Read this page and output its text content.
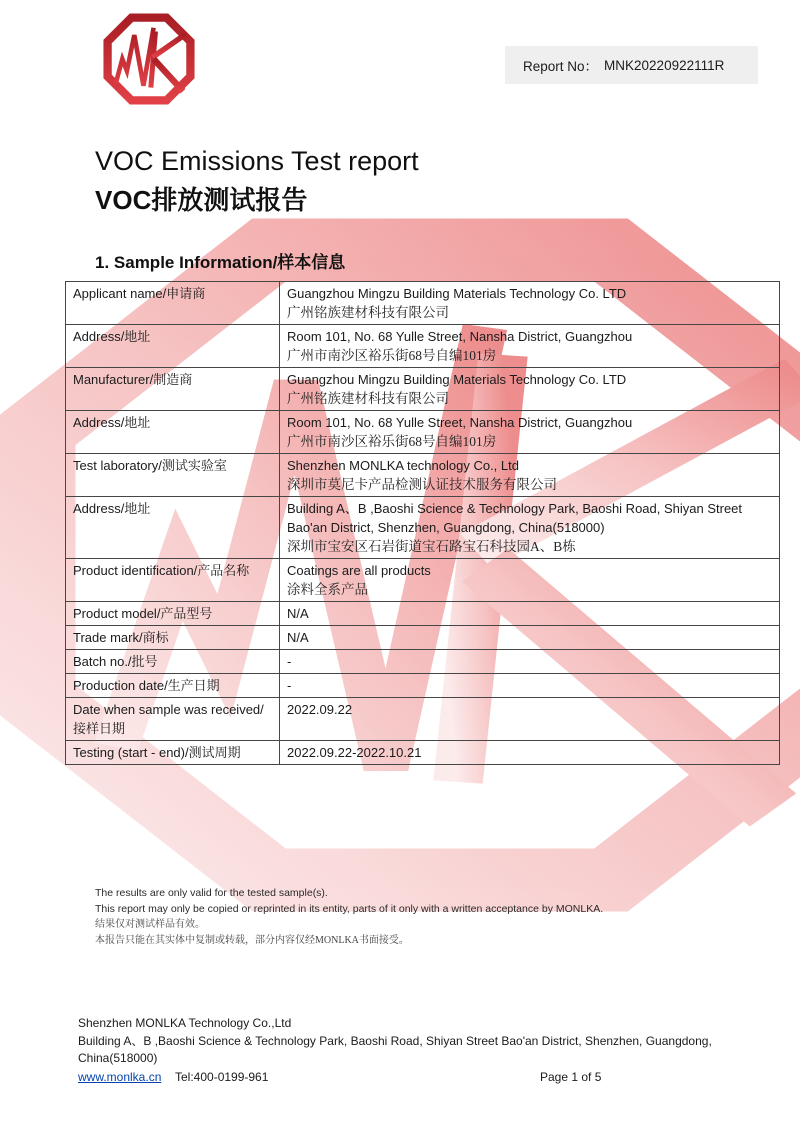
Report No： MNK20220922111R
VOC Emissions Test report
VOC排放测试报告
1. Sample Information/样本信息
Applicant name/申请商	Guangzhou Mingzu Building Materials Technology Co. LTD
广州铭族建材科技有限公司

Address/地址	Room 101, No. 68 Yulle Street, Nansha District, Guangzhou
广州市南沙区裕乐街68号自编101房

Manufacturer/制造商	Guangzhou Mingzu Building Materials Technology Co. LTD
广州铭族建材科技有限公司

Address/地址	Room 101, No. 68 Yulle Street, Nansha District, Guangzhou
广州市南沙区裕乐街68号自编101房

Test laboratory/测试实验室	Shenzhen MONLKA technology Co., Ltd
深圳市莫尼卡产品检测认证技术服务有限公司

Address/地址	Building A、B ,Baoshi Science & Technology Park, Baoshi Road, Shiyan Street Bao'an District, Shenzhen, Guangdong, China(518000)
深圳市宝安区石岩街道宝石路宝石科技园A、B栋

Product identification/产品名称	Coatings are all products
涂料全系产品

Product model/产品型号	N/A

Trade mark/商标	N/A

Batch no./批号	-

Production date/生产日期	-

Date when sample was received/接样日期	2022.09.22

Testing (start - end)/测试周期	2022.09.22-2022.10.21
The results are only valid for the tested sample(s).
This report may only be copied or reprinted in its entity, parts of it only with a written acceptance by MONLKA.
结果仅对测试样品有效。
本报告只能在其实体中复制或转载，部分内容仅经MONLKA书面接受。
Shenzhen MONLKA Technology Co.,Ltd
Building A、B ,Baoshi Science & Technology Park, Baoshi Road, Shiyan Street Bao'an District, Shenzhen, Guangdong,
China(518000)
www.monlka.cn Tel:400-0199-961	Page 1 of 5
